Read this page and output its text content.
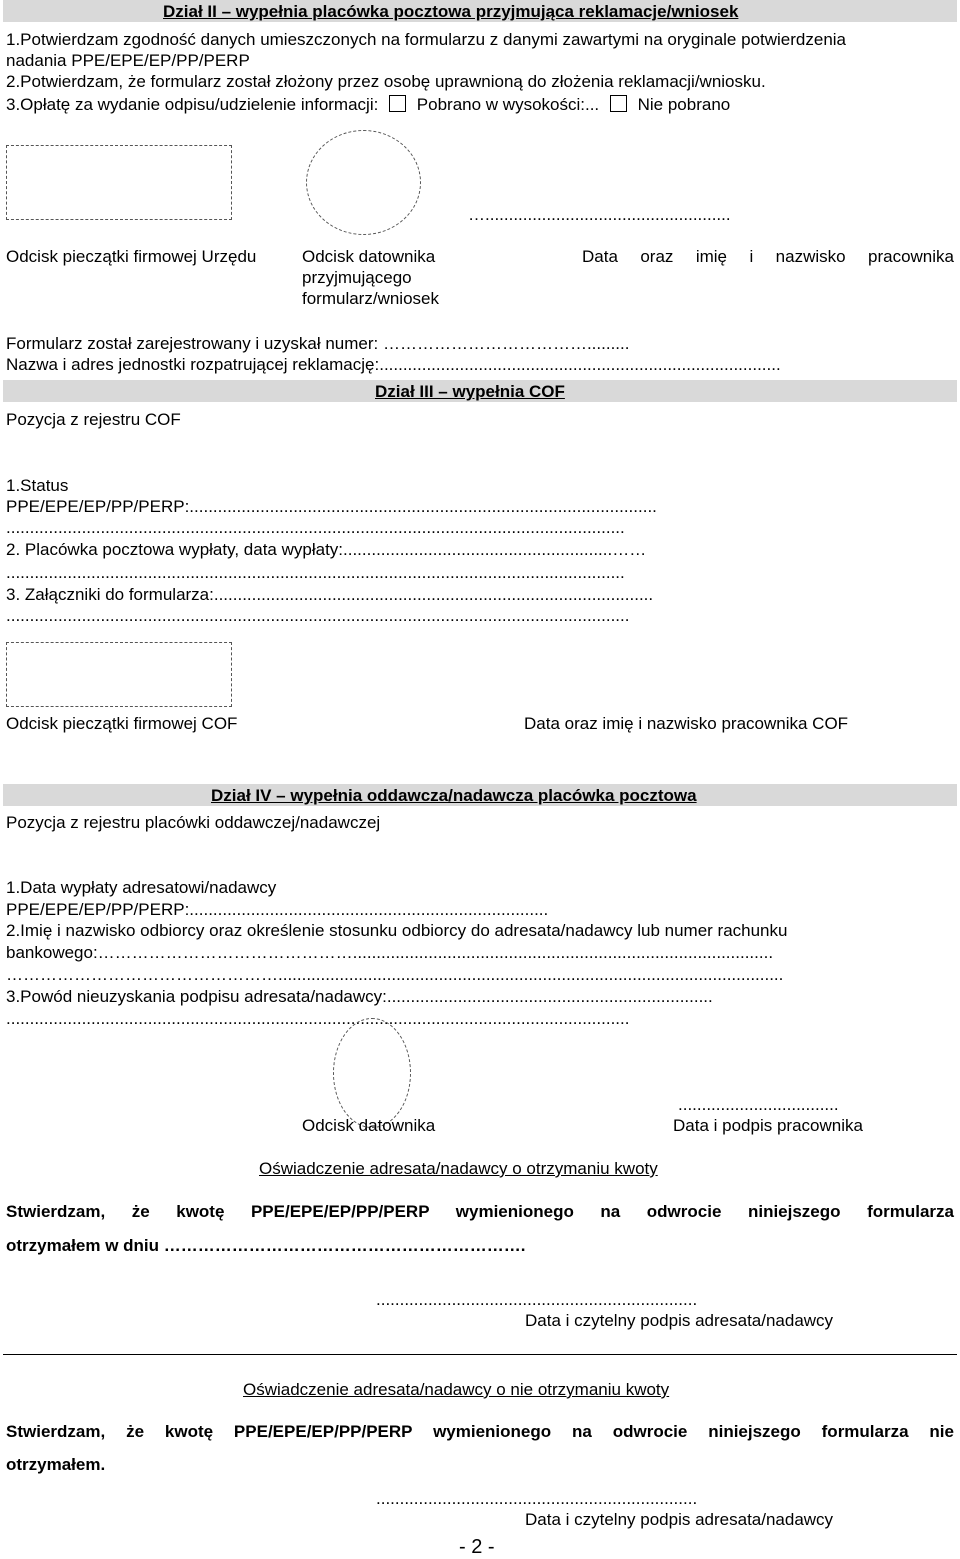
Dział II – wypełnia placówka pocztowa przyjmująca reklamacje/wniosek
1.Potwierdzam zgodność danych umieszczonych na formularzu z danymi zawartymi na oryginale potwierdzenia
nadania PPE/EPE/EP/PP/PERP
2.Potwierdzam, że formularz został złożony przez osobę uprawnioną do złożenia reklamacji/wniosku.
3.Opłatę za wydanie odpisu/udzielenie informacji: Pobrano w wysokości:... Nie pobrano
…....................................................
Odcisk pieczątki firmowej Urzędu	Odcisk datownika
przyjmującego
formularz/wniosek
Data oraz imię i nazwisko pracownika
Formularz został zarejestrowany i uzyskał numer: ……………………………….........
Nazwa i adres jednostki rozpatrującej reklamację:.....................................................................................
Dział III – wypełnia COF
Pozycja z rejestru COF
1.Status
PPE/EPE/EP/PP/PERP:...................................................................................................
...................................................................................................................................
2. Placówka pocztowa wypłaty, data wypłaty:.........................................................……
...................................................................................................................................
3. Załączniki do formularza:.............................................................................................
....................................................................................................................................
Odcisk pieczątki firmowej COF	Data oraz imię i nazwisko pracownika COF
Dział IV – wypełnia oddawcza/nadawcza placówka pocztowa
Pozycja z rejestru placówki oddawczej/nadawczej
1.Data wypłaty adresatowi/nadawcy
PPE/EPE/EP/PP/PERP:............................................................................
2.Imię i nazwisko odbiorcy oraz określenie stosunku odbiorcy do adresata/nadawcy lub numer rachunku
bankowego:……………………………………….........................................................................................
…………………………………………...........................................................................................................
3.Powód nieuzyskania podpisu adresata/nadawcy:.....................................................................
....................................................................................................................................
..................................
Odcisk datownika	Data i podpis pracownika
Oświadczenie adresata/nadawcy o otrzymaniu kwoty
Stwierdzam, że kwotę PPE/EPE/EP/PP/PERP wymienionego na odwrocie niniejszego formularza
otrzymałem w dniu ……………………………………………………….
....................................................................
Data i czytelny podpis adresata/nadawcy
Oświadczenie adresata/nadawcy o nie otrzymaniu kwoty
Stwierdzam, że kwotę PPE/EPE/EP/PP/PERP wymienionego na odwrocie niniejszego formularza nie
otrzymałem.
....................................................................
Data i czytelny podpis adresata/nadawcy
- 2 -
